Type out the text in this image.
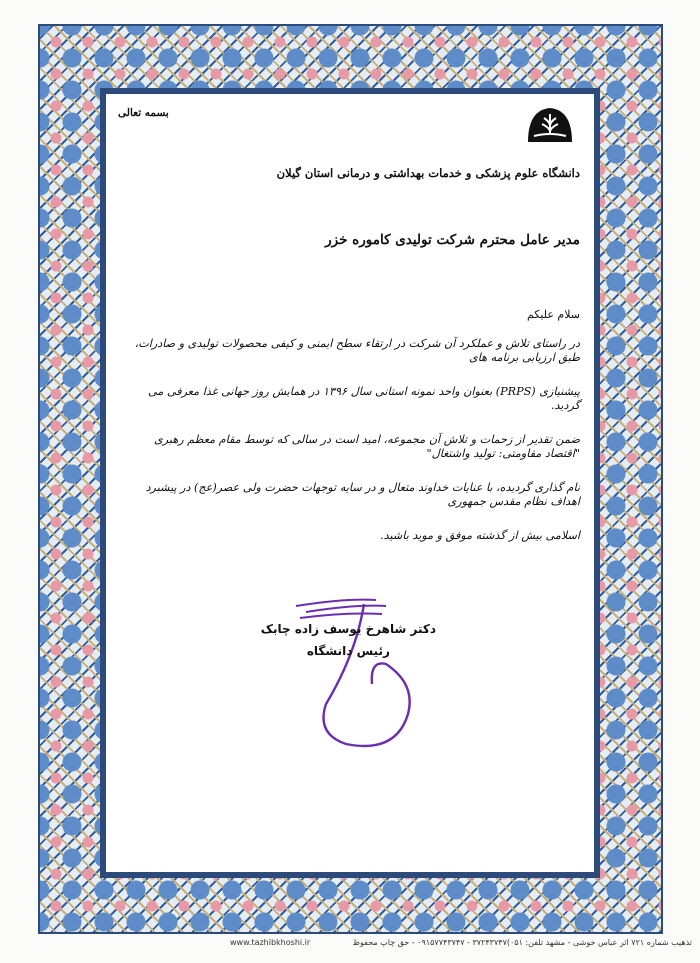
بسمه تعالی
دانشگاه علوم پزشکی و خدمات بهداشتی و درمانی استان گیلان
مدیر عامل محترم شرکت تولیدی کاموره خزر
سلام علیکم

در راستای تلاش و عملکرد آن شرکت در ارتقاء سطح ایمنی و کیفی محصولات تولیدی و صادرات، طبق ارزیابی برنامه های

پیشنیازی (PRPS) بعنوان واحد نمونه استانی سال ۱۳۹۶ در همایش روز جهانی غذا معرفی می گردید.

ضمن تقدیر از زحمات و تلاش آن مجموعه، امید است در سالی که توسط مقام معظم رهبری "اقتصاد مقاومتی: تولید واشتغال"

نام گذاری گردیده، با عنایات خداوند متعال و در سایه توجهات حضرت ولی عصر(عج) در پیشبرد اهداف نظام مقدس جمهوری

اسلامی بیش از گذشته موفق و موید باشید.

دکتر شاهرخ یوسف زاده چابک
رئیس دانشگاه
تذهیب شماره ۷۲۱ اثر عباس خوشی - مشهد تلفن: ۰۵۱)۳۷۲۴۳۷۴۷ - ۰۹۱۵۷۷۴۳۷۴۷ - حق چاپ محفوظ
www.tazhibkhoshi.ir
